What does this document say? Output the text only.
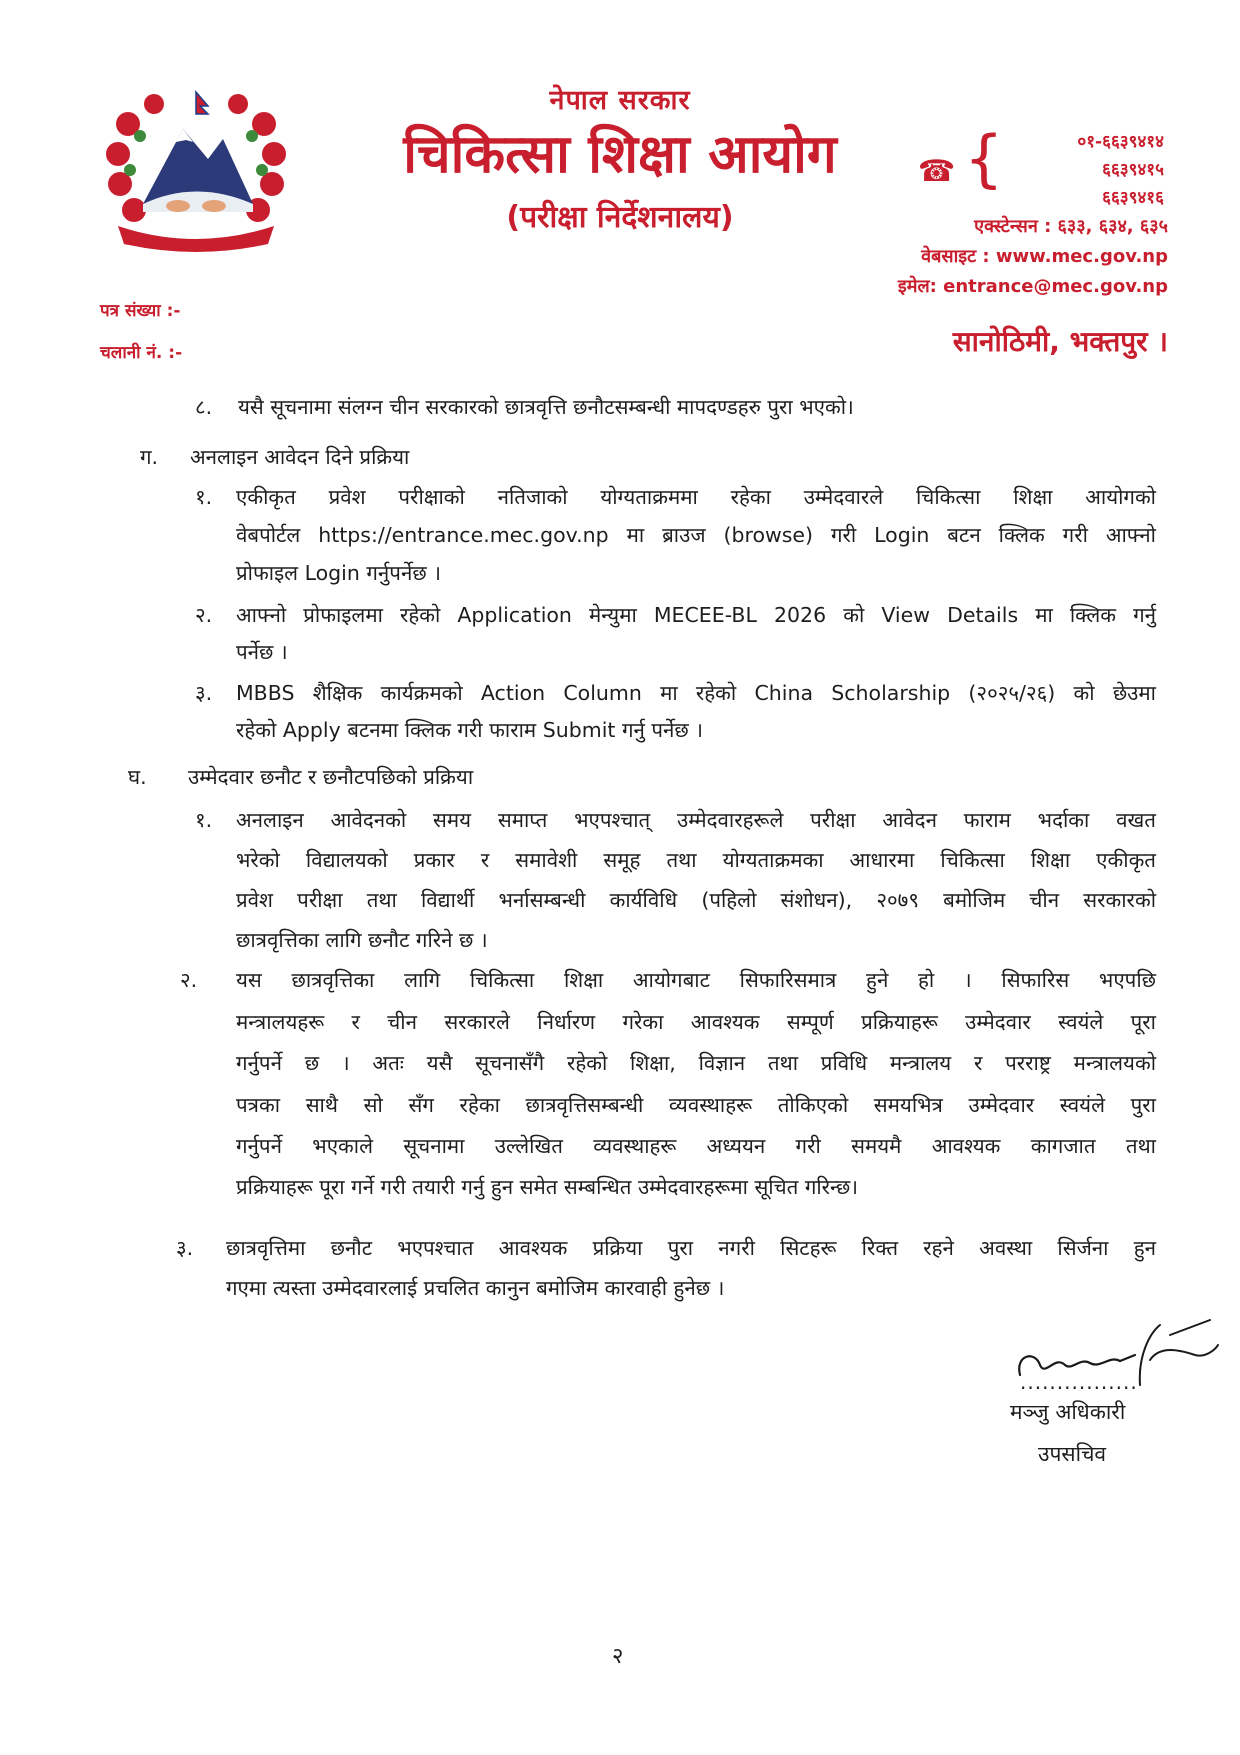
नेपाल सरकार
चिकित्सा शिक्षा आयोग
(परीक्षा निर्देशनालय)
☎ {	०१-६६३९४१४
६६३९४१५
६६३९४१६
एक्स्टेन्सन : ६३३, ६३४, ६३५
वेबसाइट : www.mec.gov.np
इमेल: entrance@mec.gov.np
सानोठिमी, भक्तपुर ।
पत्र संख्या :-
चलानी नं. :-
८. यसै सूचनामा संलग्न चीन सरकारको छात्रवृत्ति छनौटसम्बन्धी मापदण्डहरु पुरा भएको।
ग. अनलाइन आवेदन दिने प्रक्रिया
१. एकीकृत प्रवेश परीक्षाको नतिजाको योग्यताक्रममा रहेका उम्मेदवारले चिकित्सा शिक्षा आयोगको
वेबपोर्टल https://entrance.mec.gov.np मा ब्राउज (browse) गरी Login बटन क्लिक गरी आफ्नो
प्रोफाइल Login गर्नुपर्नेछ ।
२. आफ्नो प्रोफाइलमा रहेको Application मेन्युमा MECEE-BL 2026 को View Details मा क्लिक गर्नु
पर्नेछ ।
३. MBBS शैक्षिक कार्यक्रमको Action Column मा रहेको China Scholarship (२०२५/२६) को छेउमा
रहेको Apply बटनमा क्लिक गरी फाराम Submit गर्नु पर्नेछ ।
घ. उम्मेदवार छनौट र छनौटपछिको प्रक्रिया
१. अनलाइन आवेदनको समय समाप्त भएपश्चात् उम्मेदवारहरूले परीक्षा आवेदन फाराम भर्दाका वखत
भरेको विद्यालयको प्रकार र समावेशी समूह तथा योग्यताक्रमका आधारमा चिकित्सा शिक्षा एकीकृत
प्रवेश परीक्षा तथा विद्यार्थी भर्नासम्बन्धी कार्यविधि (पहिलो संशोधन), २०७९ बमोजिम चीन सरकारको
छात्रवृत्तिका लागि छनौट गरिने छ ।
२. यस छात्रवृत्तिका लागि चिकित्सा शिक्षा आयोगबाट सिफारिसमात्र हुने हो । सिफारिस भएपछि
मन्त्रालयहरू र चीन सरकारले निर्धारण गरेका आवश्यक सम्पूर्ण प्रक्रियाहरू उम्मेदवार स्वयंले पूरा
गर्नुपर्ने छ । अतः यसै सूचनासँगै रहेको शिक्षा, विज्ञान तथा प्रविधि मन्त्रालय र परराष्ट्र मन्त्रालयको
पत्रका साथै सो सँग रहेका छात्रवृत्तिसम्बन्धी व्यवस्थाहरू तोकिएको समयभित्र उम्मेदवार स्वयंले पुरा
गर्नुपर्ने भएकाले सूचनामा उल्लेखित व्यवस्थाहरू अध्ययन गरी समयमै आवश्यक कागजात तथा
प्रक्रियाहरू पूरा गर्ने गरी तयारी गर्नु हुन समेत सम्बन्धित उम्मेदवारहरूमा सूचित गरिन्छ।
३. छात्रवृत्तिमा छनौट भएपश्चात आवश्यक प्रक्रिया पुरा नगरी सिटहरू रिक्त रहने अवस्था सिर्जना हुन
गएमा त्यस्ता उम्मेदवारलाई प्रचलित कानुन बमोजिम कारवाही हुनेछ ।
................
मञ्जु अधिकारी
उपसचिव
२
